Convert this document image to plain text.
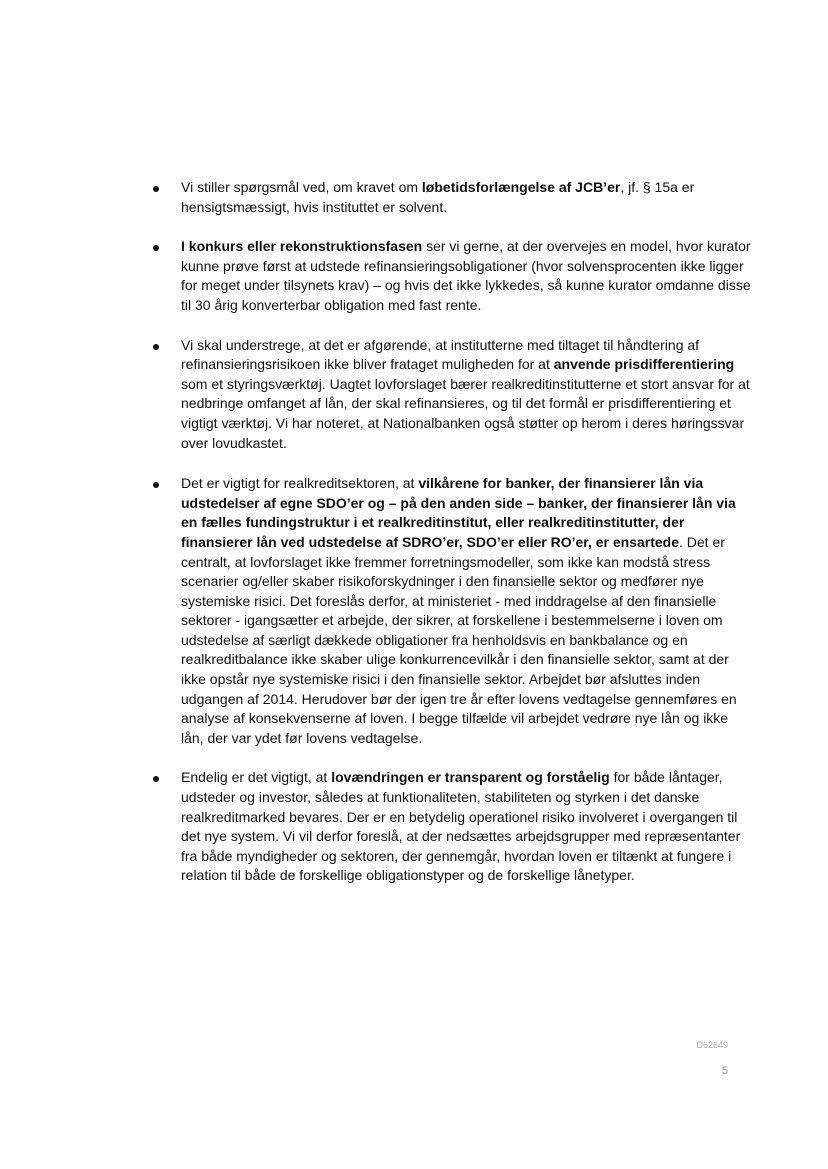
Vi stiller spørgsmål ved, om kravet om løbetidsforlængelse af JCB’er, jf. § 15a er hensigtsmæssigt, hvis instituttet er solvent.
I konkurs eller rekonstruktionsfasen ser vi gerne, at der overvejes en model, hvor kurator kunne prøve først at udstede refinansieringsobligationer (hvor solvensprocenten ikke ligger for meget under tilsynets krav) – og hvis det ikke lykkedes, så kunne kurator omdanne disse til 30 årig konverterbar obligation med fast rente.
Vi skal understrege, at det er afgørende, at institutterne med tiltaget til håndtering af refinansieringsrisikoen ikke bliver frataget muligheden for at anvende prisdifferentiering som et styringsværktøj. Uagtet lovforslaget bærer realkreditinstitutterne et stort ansvar for at nedbringe omfanget af lån, der skal refinansieres, og til det formål er prisdifferentiering et vigtigt værktøj. Vi har noteret, at Nationalbanken også støtter op herom i deres høringssvar over lovudkastet.
Det er vigtigt for realkreditsektoren, at vilkårene for banker, der finansierer lån via udstedelser af egne SDO’er og – på den anden side – banker, der finansierer lån via en fælles fundingstruktur i et realkreditinstitut, eller realkreditinstitutter, der finansierer lån ved udstedelse af SDRO’er, SDO’er eller RO’er, er ensartede. Det er centralt, at lovforslaget ikke fremmer forretningsmodeller, som ikke kan modstå stress scenarier og/eller skaber risikoforskydninger i den finansielle sektor og medfører nye systemiske risici. Det foreslås derfor, at ministeriet - med inddragelse af den finansielle sektorer - igangsætter et arbejde, der sikrer, at forskellene i bestemmelserne i loven om udstedelse af særligt dækkede obligationer fra henholdsvis en bankbalance og en realkreditbalance ikke skaber ulige konkurrencevilkår i den finansielle sektor, samt at der ikke opstår nye systemiske risici i den finansielle sektor. Arbejdet bør afsluttes inden udgangen af 2014. Herudover bør der igen tre år efter lovens vedtagelse gennemføres en analyse af konsekvenserne af loven. I begge tilfælde vil arbejdet vedrøre nye lån og ikke lån, der var ydet før lovens vedtagelse.
Endelig er det vigtigt, at lovændringen er transparent og forståelig for både låntager, udsteder og investor, således at funktionaliteten, stabiliteten og styrken i det danske realkreditmarked bevares. Der er en betydelig operationel risiko involveret i overgangen til det nye system. Vi vil derfor foreslå, at der nedsættes arbejdsgrupper med repræsentanter fra både myndigheder og sektoren, der gennemgår, hvordan loven er tiltænkt at fungere i relation til både de forskellige obligationstyper og de forskellige lånetyper.
D62649
5
